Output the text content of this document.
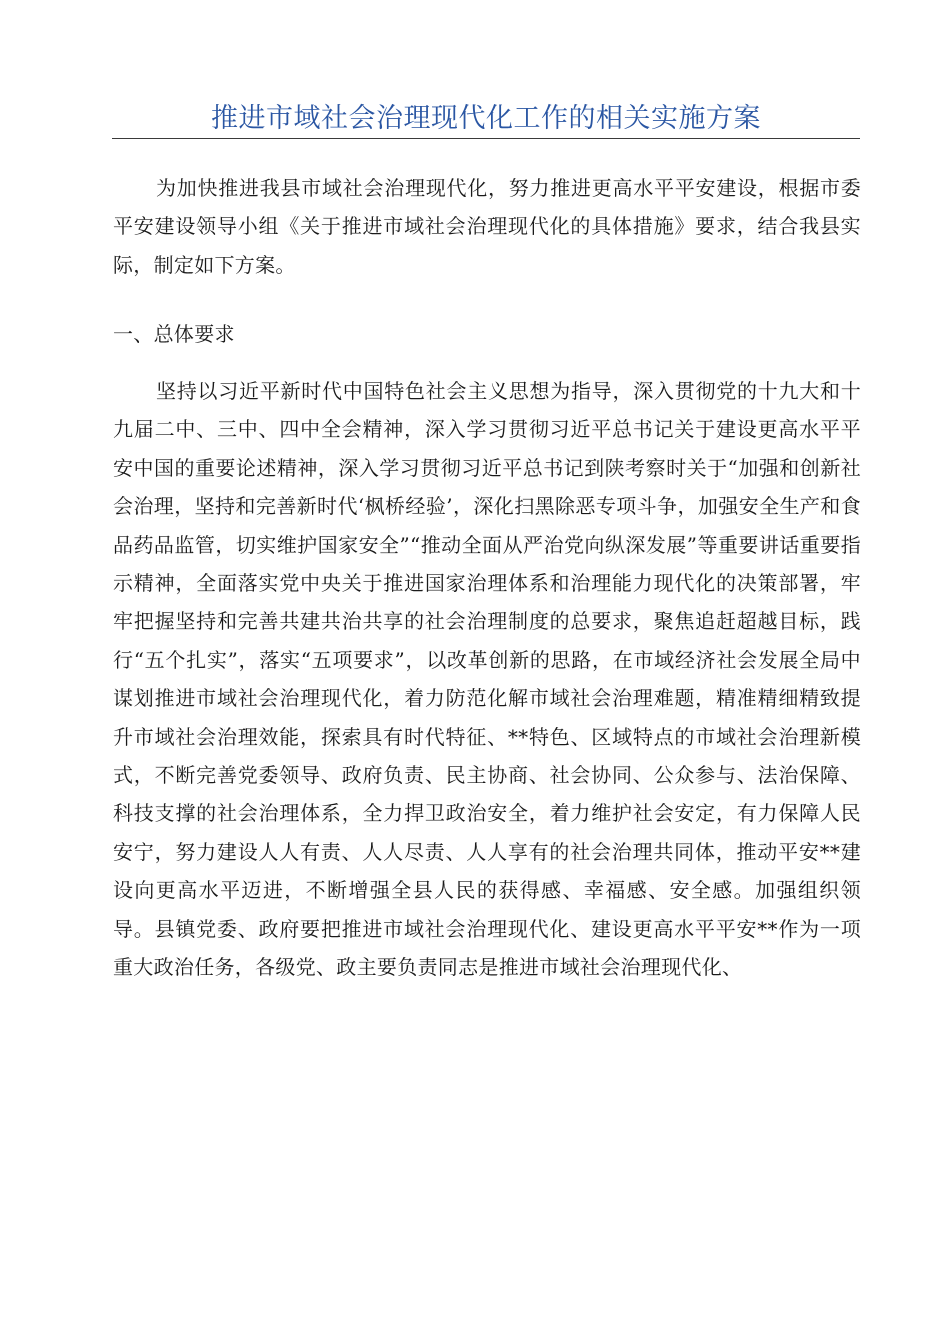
推进市域社会治理现代化工作的相关实施方案
为加快推进我县市域社会治理现代化，努力推进更高水平平安建设，根据市委平安建设领导小组《关于推进市域社会治理现代化的具体措施》要求，结合我县实际，制定如下方案。
一、总体要求
坚持以习近平新时代中国特色社会主义思想为指导，深入贯彻党的十九大和十九届二中、三中、四中全会精神，深入学习贯彻习近平总书记关于建设更高水平平安中国的重要论述精神，深入学习贯彻习近平总书记到陕考察时关于“加强和创新社会治理，坚持和完善新时代‘枫桥经验’，深化扫黑除恶专项斗争，加强安全生产和食品药品监管，切实维护国家安全”“推动全面从严治党向纵深发展”等重要讲话重要指示精神，全面落实党中央关于推进国家治理体系和治理能力现代化的决策部署，牢牢把握坚持和完善共建共治共享的社会治理制度的总要求，聚焦追赶超越目标，践行“五个扎实”，落实“五项要求”，以改革创新的思路，在市域经济社会发展全局中谋划推进市域社会治理现代化，着力防范化解市域社会治理难题，精准精细精致提升市域社会治理效能，探索具有时代特征、**特色、区域特点的市域社会治理新模式，不断完善党委领导、政府负责、民主协商、社会协同、公众参与、法治保障、科技支撑的社会治理体系，全力捍卫政治安全，着力维护社会安定，有力保障人民安宁，努力建设人人有责、人人尽责、人人享有的社会治理共同体，推动平安**建设向更高水平迈进，不断增强全县人民的获得感、幸福感、安全感。加强组织领导。县镇党委、政府要把推进市域社会治理现代化、建设更高水平平安**作为一项重大政治任务，各级党、政主要负责同志是推进市域社会治理现代化、
